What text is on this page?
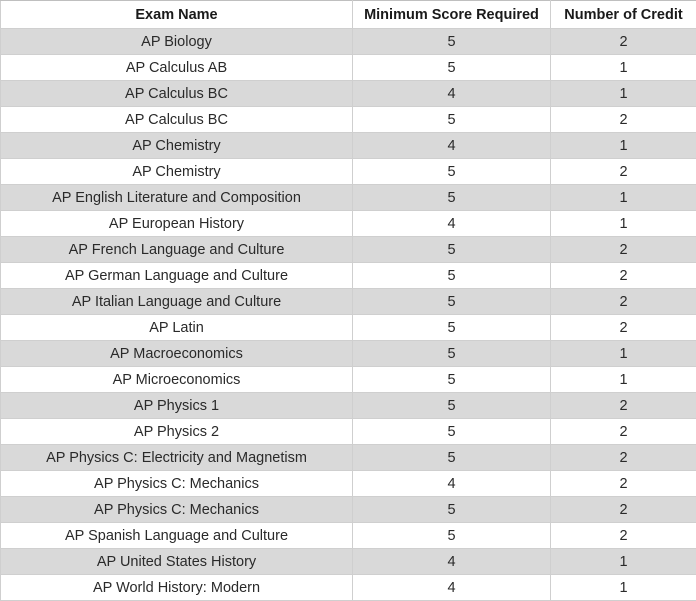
Exam Name	Minimum Score Required	Number of Credit
AP Biology	5	2
AP Calculus AB	5	1
AP Calculus BC	4	1
AP Calculus BC	5	2
AP Chemistry	4	1
AP Chemistry	5	2
AP English Literature and Composition	5	1
AP European History	4	1
AP French Language and Culture	5	2
AP German Language and Culture	5	2
AP Italian Language and Culture	5	2
AP Latin	5	2
AP Macroeconomics	5	1
AP Microeconomics	5	1
AP Physics 1	5	2
AP Physics 2	5	2
AP Physics C: Electricity and Magnetism	5	2
AP Physics C: Mechanics	4	2
AP Physics C: Mechanics	5	2
AP Spanish Language and Culture	5	2
AP United States History	4	1
AP World History: Modern	4	1
